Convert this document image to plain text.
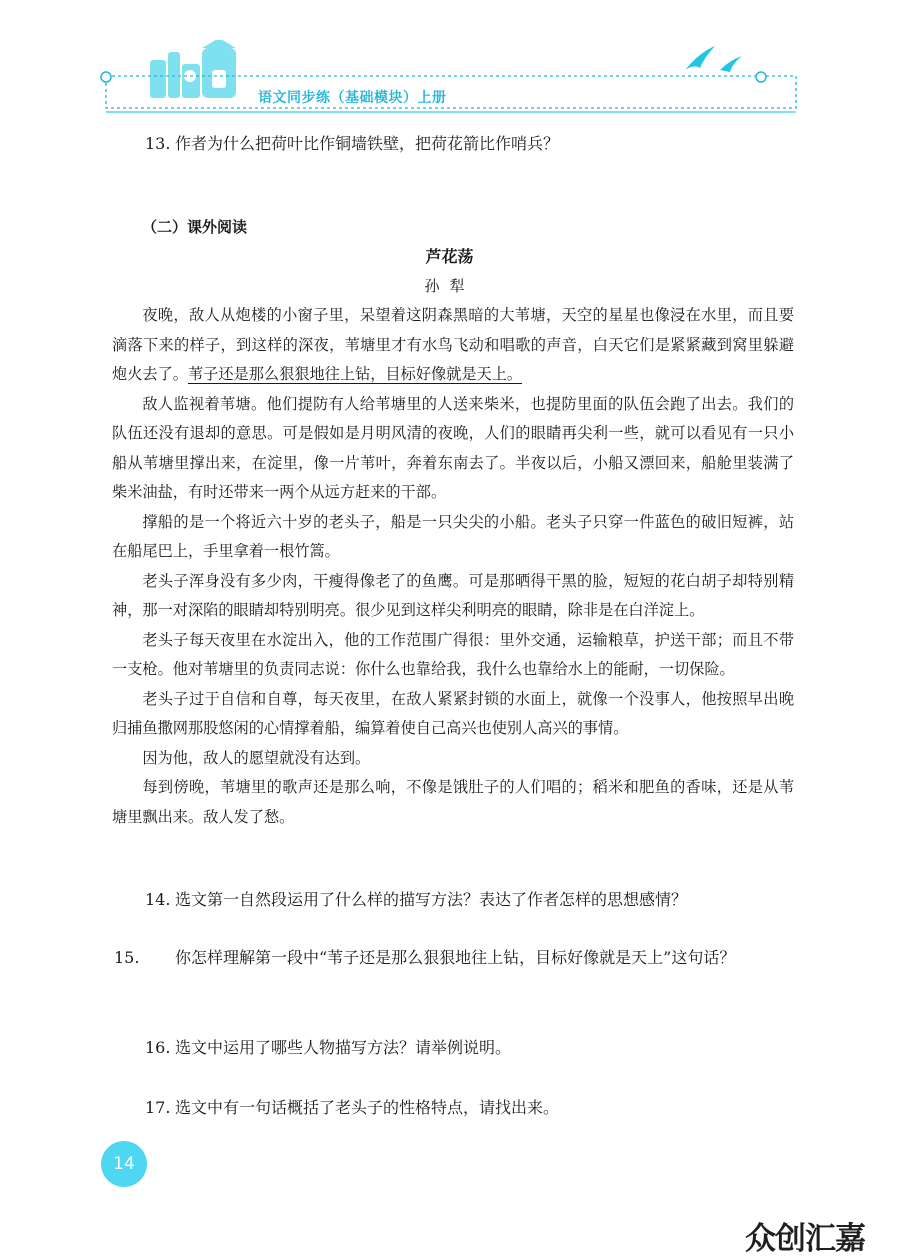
语文同步练（基础模块）上册
13. 作者为什么把荷叶比作铜墙铁壁，把荷花箭比作哨兵？
（二）课外阅读
芦花荡
孙犁

夜晚，敌人从炮楼的小窗子里，呆望着这阴森黑暗的大苇塘，天空的星星也像浸在水里，而且要滴落下来的样子，到这样的深夜，苇塘里才有水鸟飞动和唱歌的声音，白天它们是紧紧藏到窝里躲避炮火去了。苇子还是那么狠狠地往上钻，目标好像就是天上。

敌人监视着苇塘。他们提防有人给苇塘里的人送来柴米，也提防里面的队伍会跑了出去。我们的队伍还没有退却的意思。可是假如是月明风清的夜晚，人们的眼睛再尖利一些，就可以看见有一只小船从苇塘里撑出来，在淀里，像一片苇叶，奔着东南去了。半夜以后，小船又漂回来，船舱里装满了柴米油盐，有时还带来一两个从远方赶来的干部。

撑船的是一个将近六十岁的老头子，船是一只尖尖的小船。老头子只穿一件蓝色的破旧短裤，站在船尾巴上，手里拿着一根竹篙。

老头子浑身没有多少肉，干瘦得像老了的鱼鹰。可是那晒得干黑的脸，短短的花白胡子却特别精神，那一对深陷的眼睛却特别明亮。很少见到这样尖利明亮的眼睛，除非是在白洋淀上。

老头子每天夜里在水淀出入，他的工作范围广得很：里外交通，运输粮草，护送干部；而且不带一支枪。他对苇塘里的负责同志说：你什么也靠给我，我什么也靠给水上的能耐，一切保险。

老头子过于自信和自尊，每天夜里，在敌人紧紧封锁的水面上，就像一个没事人，他按照早出晚归捕鱼撒网那股悠闲的心情撑着船，编算着使自己高兴也使别人高兴的事情。

因为他，敌人的愿望就没有达到。

每到傍晚，苇塘里的歌声还是那么响，不像是饿肚子的人们唱的；稻米和肥鱼的香味，还是从苇塘里飘出来。敌人发了愁。

14. 选文第一自然段运用了什么样的描写方法？表达了作者怎样的思想感情？
15. 你怎样理解第一段中“苇子还是那么狠狠地往上钻，目标好像就是天上”这句话？
16. 选文中运用了哪些人物描写方法？请举例说明。
17. 选文中有一句话概括了老头子的性格特点，请找出来。
14
众创汇嘉
